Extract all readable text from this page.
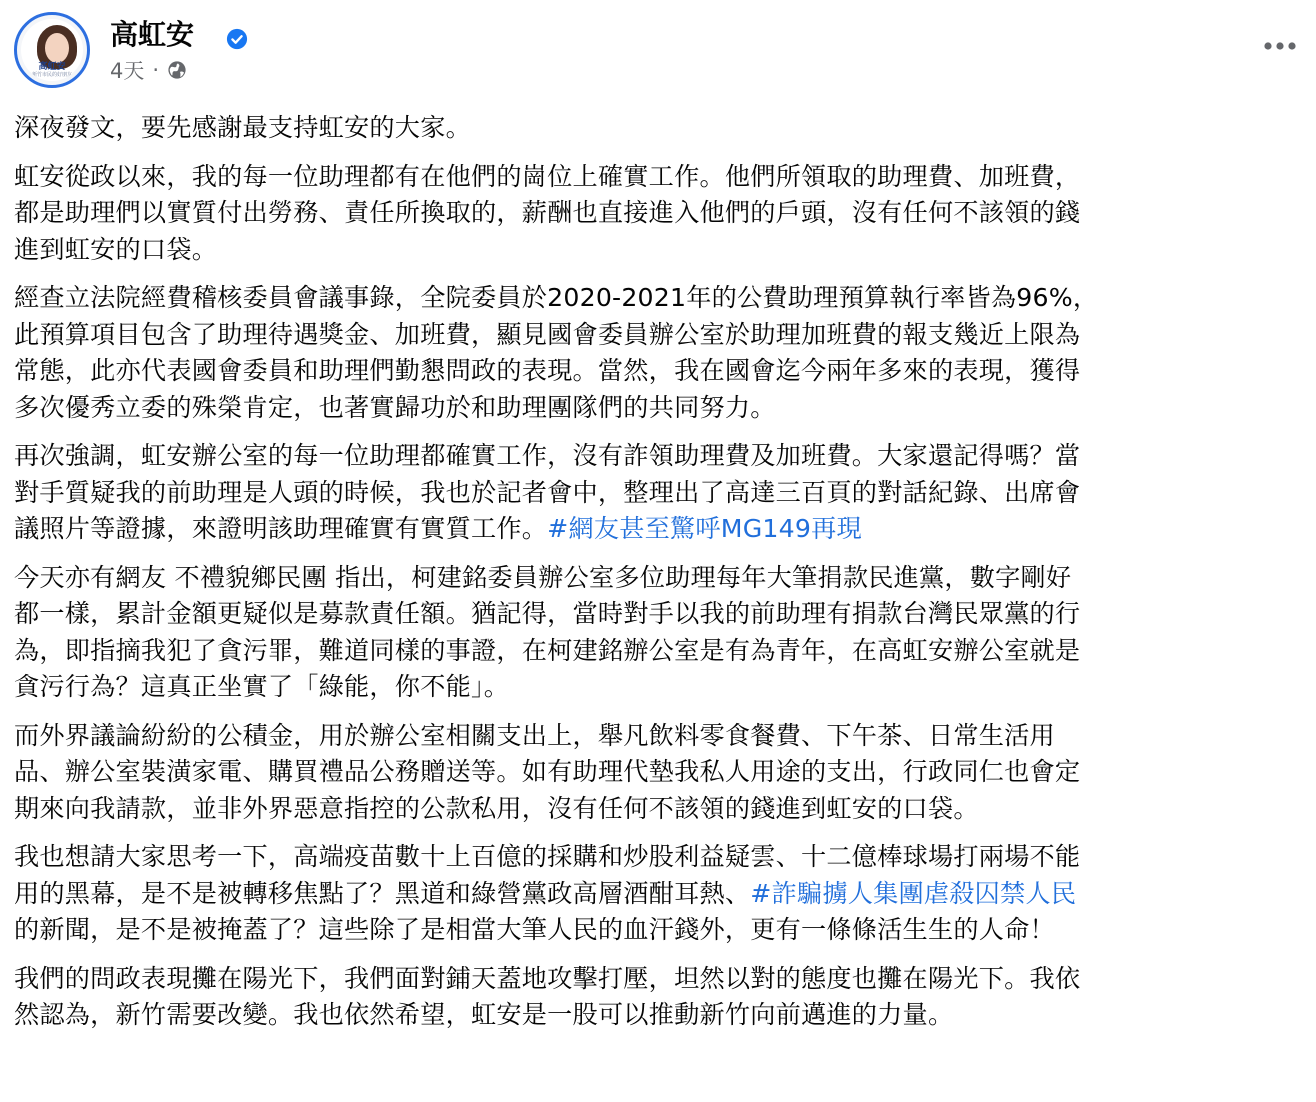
高虹安
新竹市民的好朋友
高虹安
4天 ·

深夜發文，要先感謝最支持虹安的大家。

虹安從政以來，我的每一位助理都有在他們的崗位上確實工作。他們所領取的助理費、加班費，
都是助理們以實質付出勞務、責任所換取的，薪酬也直接進入他們的戶頭，沒有任何不該領的錢
進到虹安的口袋。

經查立法院經費稽核委員會議事錄，全院委員於2020-2021年的公費助理預算執行率皆為96%，
此預算項目包含了助理待遇獎金、加班費，顯見國會委員辦公室於助理加班費的報支幾近上限為
常態，此亦代表國會委員和助理們勤懇問政的表現。當然，我在國會迄今兩年多來的表現，獲得
多次優秀立委的殊榮肯定，也著實歸功於和助理團隊們的共同努力。

再次強調，虹安辦公室的每一位助理都確實工作，沒有詐領助理費及加班費。大家還記得嗎？當
對手質疑我的前助理是人頭的時候，我也於記者會中，整理出了高達三百頁的對話紀錄、出席會
議照片等證據，來證明該助理確實有實質工作。#網友甚至驚呼MG149再現

今天亦有網友 不禮貌鄉民團 指出，柯建銘委員辦公室多位助理每年大筆捐款民進黨，數字剛好
都一樣，累計金額更疑似是募款責任額。猶記得，當時對手以我的前助理有捐款台灣民眾黨的行
為，即指摘我犯了貪污罪，難道同樣的事證，在柯建銘辦公室是有為青年，在高虹安辦公室就是
貪污行為？這真正坐實了「綠能，你不能」。

而外界議論紛紛的公積金，用於辦公室相關支出上，舉凡飲料零食餐費、下午茶、日常生活用
品、辦公室裝潢家電、購買禮品公務贈送等。如有助理代墊我私人用途的支出，行政同仁也會定
期來向我請款，並非外界惡意指控的公款私用，沒有任何不該領的錢進到虹安的口袋。

我也想請大家思考一下，高端疫苗數十上百億的採購和炒股利益疑雲、十二億棒球場打兩場不能
用的黑幕，是不是被轉移焦點了？黑道和綠營黨政高層酒酣耳熱、#詐騙擄人集團虐殺囚禁人民
的新聞，是不是被掩蓋了？這些除了是相當大筆人民的血汗錢外，更有一條條活生生的人命！

我們的問政表現攤在陽光下，我們面對鋪天蓋地攻擊打壓，坦然以對的態度也攤在陽光下。我依
然認為，新竹需要改變。我也依然希望，虹安是一股可以推動新竹向前邁進的力量。
